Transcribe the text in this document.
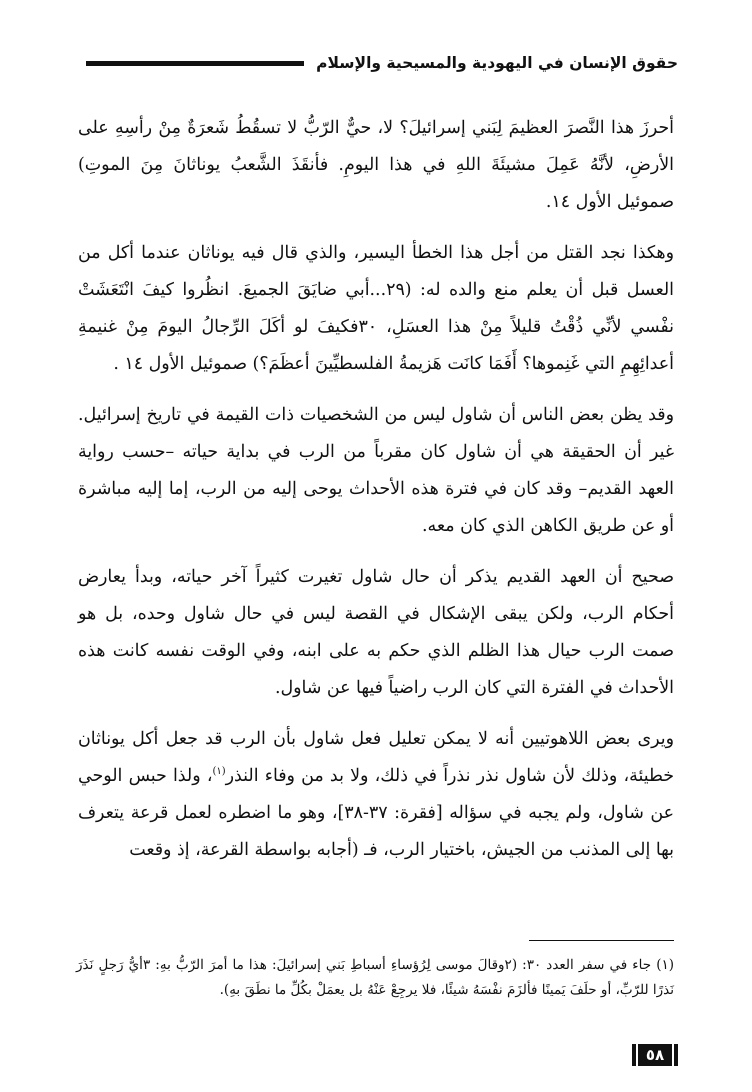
حقوق الإنسان في اليهودية والمسيحية والإسلام

أحرزَ هذا النَّصرَ العظيمَ لِبَني إسرائيلَ؟ لا، حيٌّ الرّبُّ لا تسقُطُ شَعرَةٌ مِنْ رأسِهِ على الأرضِ، لأنَّهُ عَمِلَ مشيئَةَ اللهِ في هذا اليومِ. فأنقَذَ الشَّعبُ يوناثانَ مِنَ الموتِ) صموئيل الأول ١٤.

وهكذا نجد القتل من أجل هذا الخطأ اليسير، والذي قال فيه يوناثان عندما أكل من العسل قبل أن يعلم منع والده له: (٢٩...أبي ضايَقَ الجميعَ. انظُروا كيفَ انْتَعَشَتْ نفْسي لأنِّي ذُقْتُ قليلاً مِنْ هذا العسَلِ، ٣٠فكيفَ لو أكَلَ الرِّجالُ اليومَ مِنْ غنيمةِ أعدائِهِمِ التي غَنِموها؟ أَفَمَا كانَت هَزيمةُ الفلسطيِّينَ أعظَمَ؟) صموئيل الأول ١٤ .

وقد يظن بعض الناس أن شاول ليس من الشخصيات ذات القيمة في تاريخ إسرائيل. غير أن الحقيقة هي أن شاول كان مقرباً من الرب في بداية حياته –حسب رواية العهد القديم– وقد كان في فترة هذه الأحداث يوحى إليه من الرب، إما إليه مباشرة أو عن طريق الكاهن الذي كان معه.

صحيح أن العهد القديم يذكر أن حال شاول تغيرت كثيراً آخر حياته، وبدأ يعارض أحكام الرب، ولكن يبقى الإشكال في القصة ليس في حال شاول وحده، بل هو صمت الرب حيال هذا الظلم الذي حكم به على ابنه، وفي الوقت نفسه كانت هذه الأحداث في الفترة التي كان الرب راضياً فيها عن شاول.

ويرى بعض اللاهوتيين أنه لا يمكن تعليل فعل شاول بأن الرب قد جعل أكل يوناثان خطيئة، وذلك لأن شاول نذر نذراً في ذلك، ولا بد من وفاء النذر$^{(١)}$، ولذا حبس الوحي عن شاول، ولم يجبه في سؤاله [فقرة: ٣٧-٣٨]، وهو ما اضطره لعمل قرعة يتعرف بها إلى المذنب من الجيش، باختيار الرب، فـ (أجابه بواسطة القرعة، إذ وقعت

(١) جاء في سفر العدد ٣٠: (٢وقالَ موسى لِرُؤساءِ أسباطِ بَني إسرائيلَ: هذا ما أمرَ الرّبُّ بهِ: ٣أيُّ رَجلٍ نَذَرَ نَذرًا للرّبِّ، أو حلَفَ يَمينًا فألزَمَ نفْسَهُ شيئًا، فلا يرجِعْ عَنْهُ بل يعمَلْ بكُلِّ ما نطَقَ بهِ).

٥٨
